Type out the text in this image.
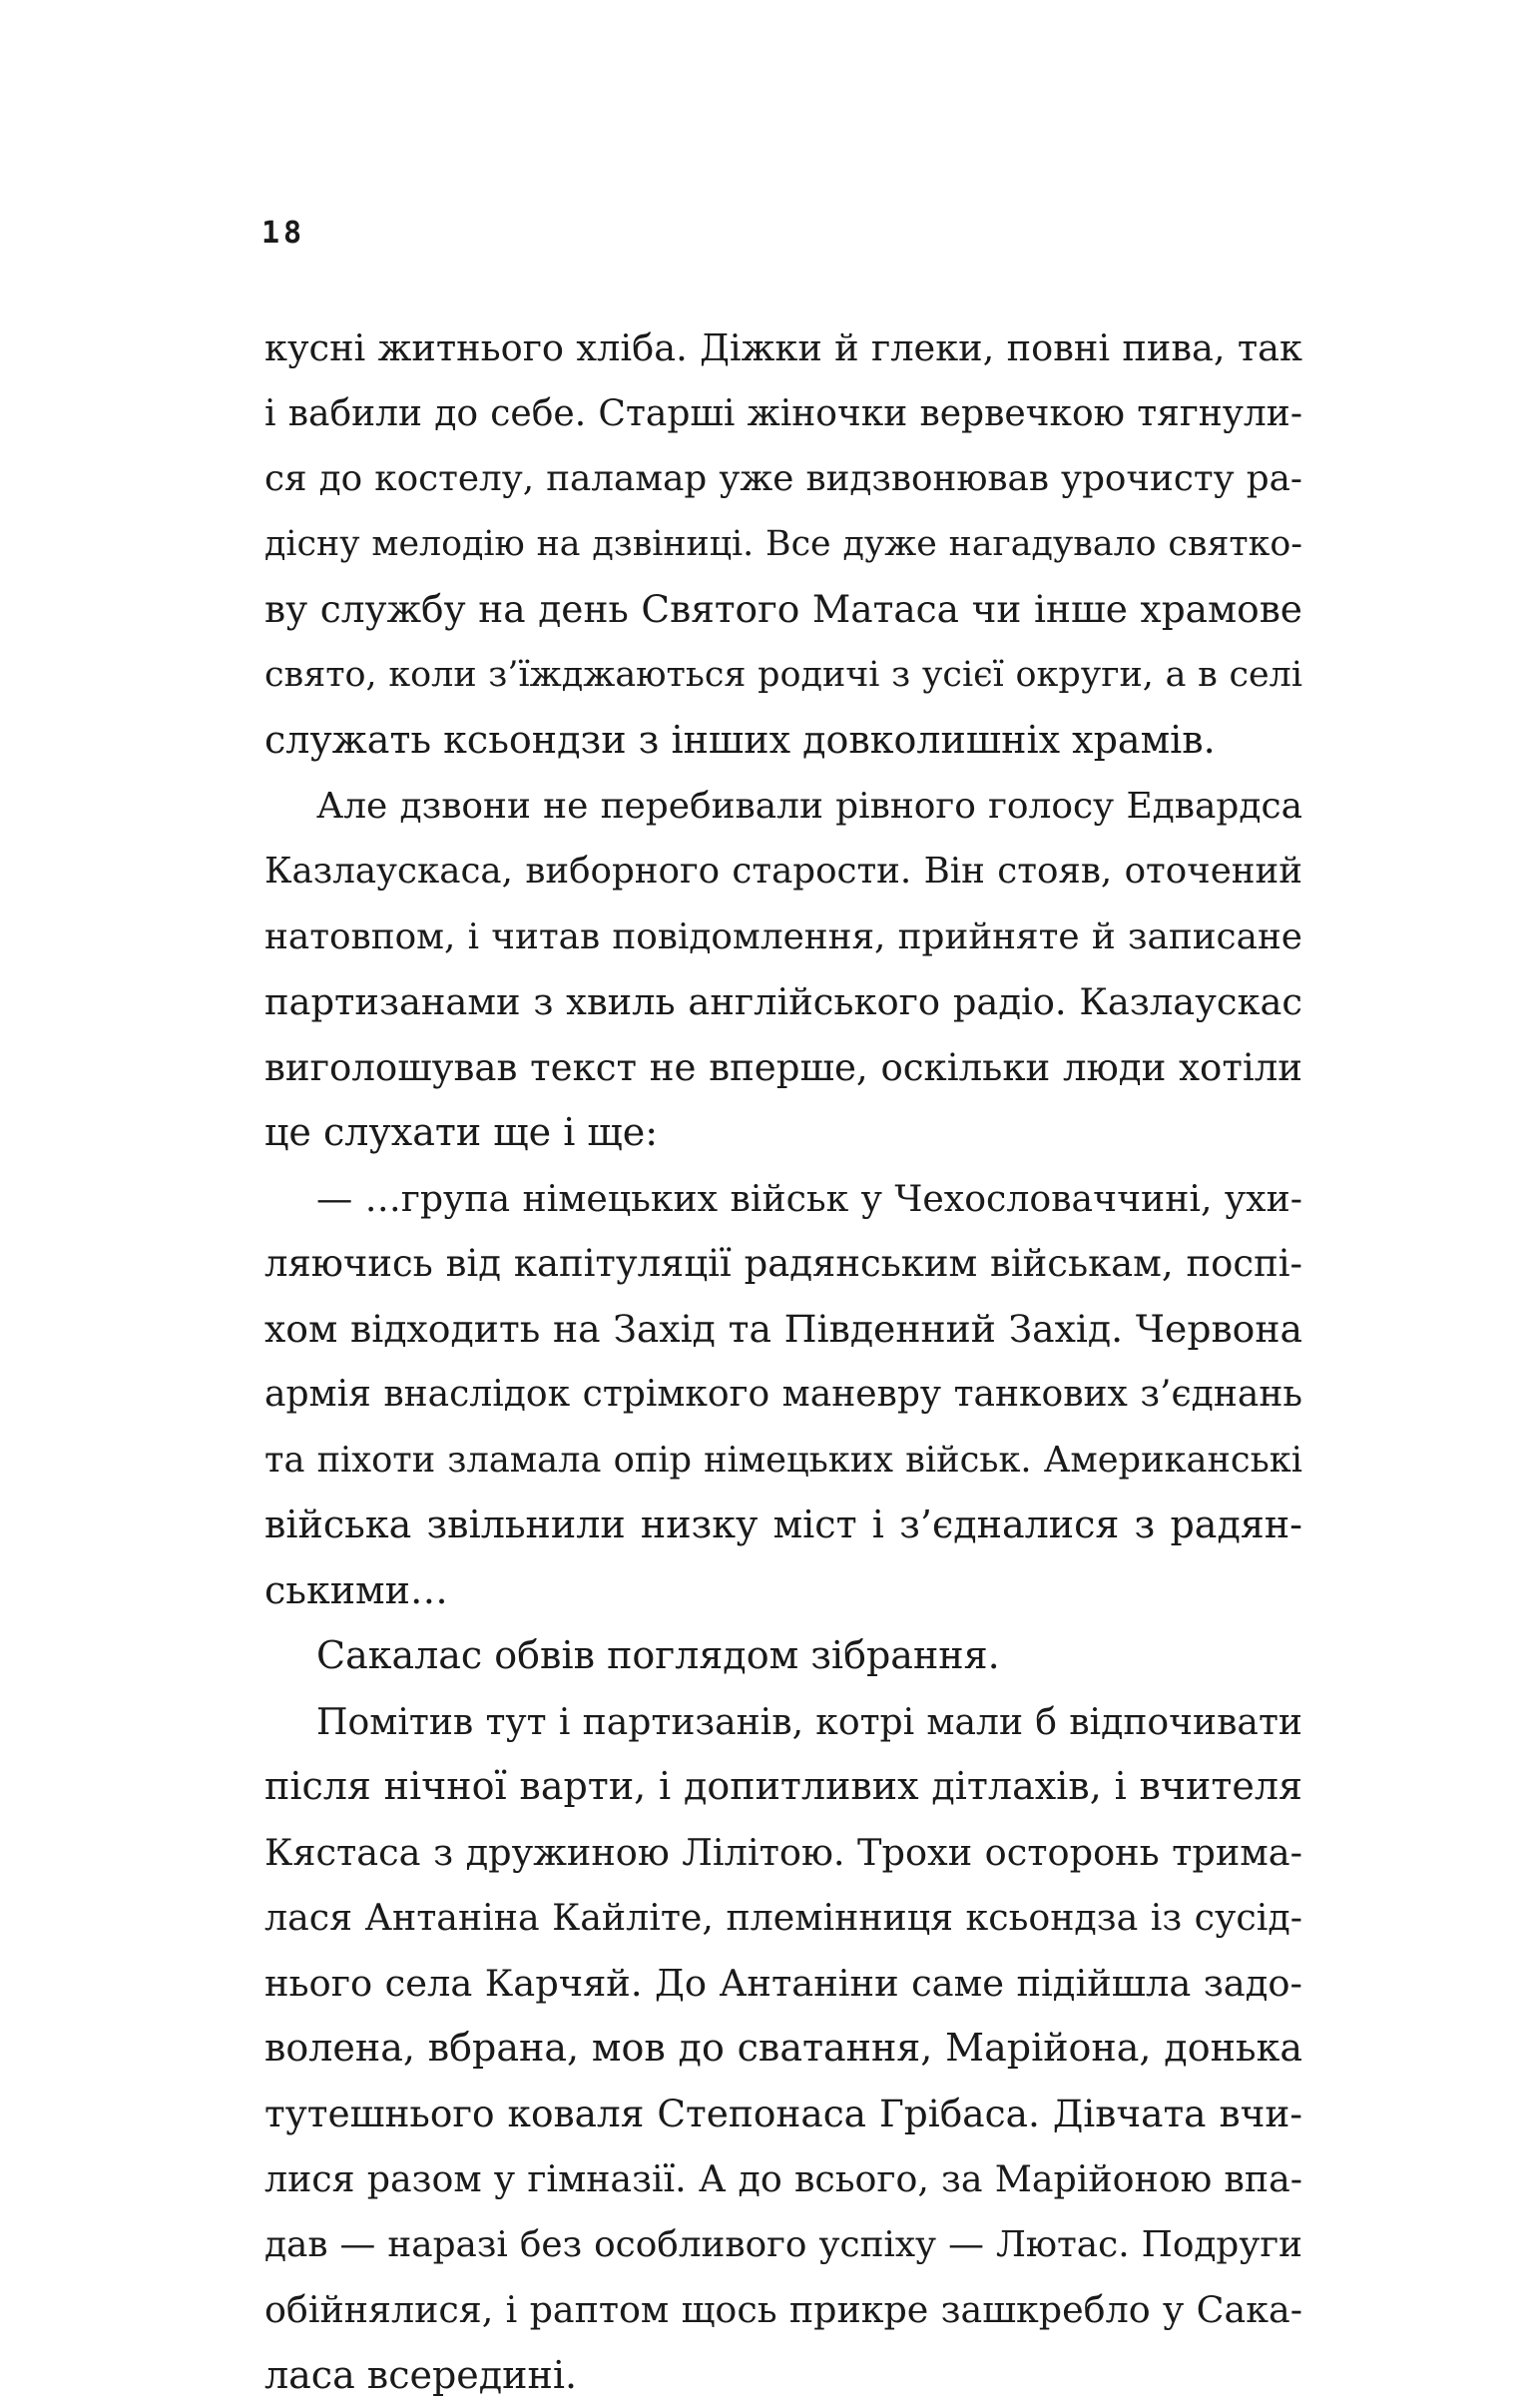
18
кусні житнього хліба. Діжки й глеки, повні пива, так
і вабили до себе. Старші жіночки вервечкою тягнули-
ся до костелу, паламар уже видзвонював урочисту ра-
дісну мелодію на дзвіниці. Все дуже нагадувало святко-
ву службу на день Святого Матаса чи інше храмове
свято, коли з’їжджаються родичі з усієї округи, а в селі
служать ксьондзи з інших довколишніх храмів.
Але дзвони не перебивали рівного голосу Едвардса
Казлаускаса, виборного старости. Він стояв, оточений
натовпом, і читав повідомлення, прийняте й записане
партизанами з хвиль англійського радіо. Казлаускас
виголошував текст не вперше, оскільки люди хотіли
це слухати ще і ще:
— …група німецьких військ у Чехословаччині, ухи-
ляючись від капітуляції радянським військам, поспі-
хом відходить на Захід та Південний Захід. Червона
армія внаслідок стрімкого маневру танкових з’єднань
та піхоти зламала опір німецьких військ. Американські
війська звільнили низку міст і з’єдналися з радян-
ськими…
Сакалас обвів поглядом зібрання.
Помітив тут і партизанів, котрі мали б відпочивати
після нічної варти, і допитливих дітлахів, і вчителя
Кястаса з дружиною Лілітою. Трохи осторонь трима-
лася Антаніна Кайліте, племінниця ксьондза із сусід-
нього села Карчяй. До Антаніни саме підійшла задо-
волена, вбрана, мов до сватання, Марійона, донька
тутешнього коваля Степонаса Грібаса. Дівчата вчи-
лися разом у гімназії. А до всього, за Марійоною впа-
дав — наразі без особливого успіху — Лютас. Подруги
обійнялися, і раптом щось прикре зашкребло у Сака-
ласа всередині.
